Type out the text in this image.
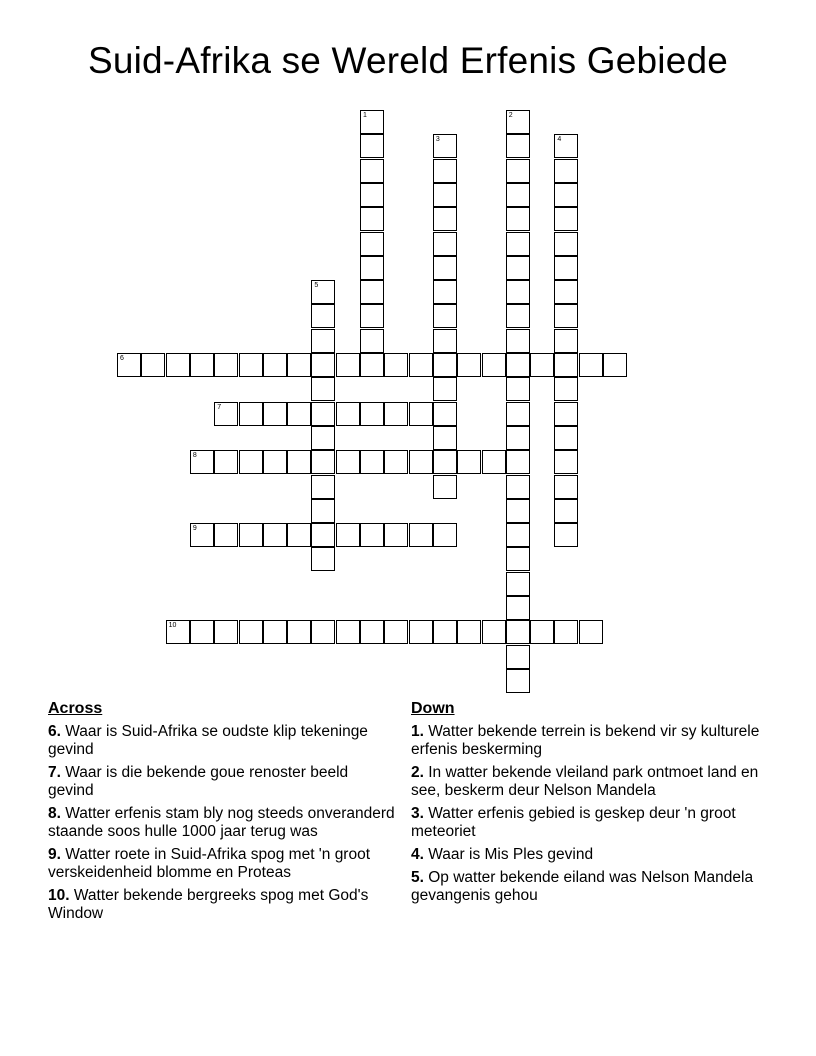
Suid-Afrika se Wereld Erfenis Gebiede
1	2
3	4
5
6
7
8
9
10
Across
6. Waar is Suid-Afrika se oudste klip tekeninge gevind
7. Waar is die bekende goue renoster beeld gevind
8. Watter erfenis stam bly nog steeds onveranderd staande soos hulle 1000 jaar terug was
9. Watter roete in Suid-Afrika spog met 'n groot verskeidenheid blomme en Proteas
10. Watter bekende bergreeks spog met God's Window
Down
1. Watter bekende terrein is bekend vir sy kulturele erfenis beskerming
2. In watter bekende vleiland park ontmoet land en see, beskerm deur Nelson Mandela
3. Watter erfenis gebied is geskep deur 'n groot meteoriet
4. Waar is Mis Ples gevind
5. Op watter bekende eiland was Nelson Mandela gevangenis gehou
